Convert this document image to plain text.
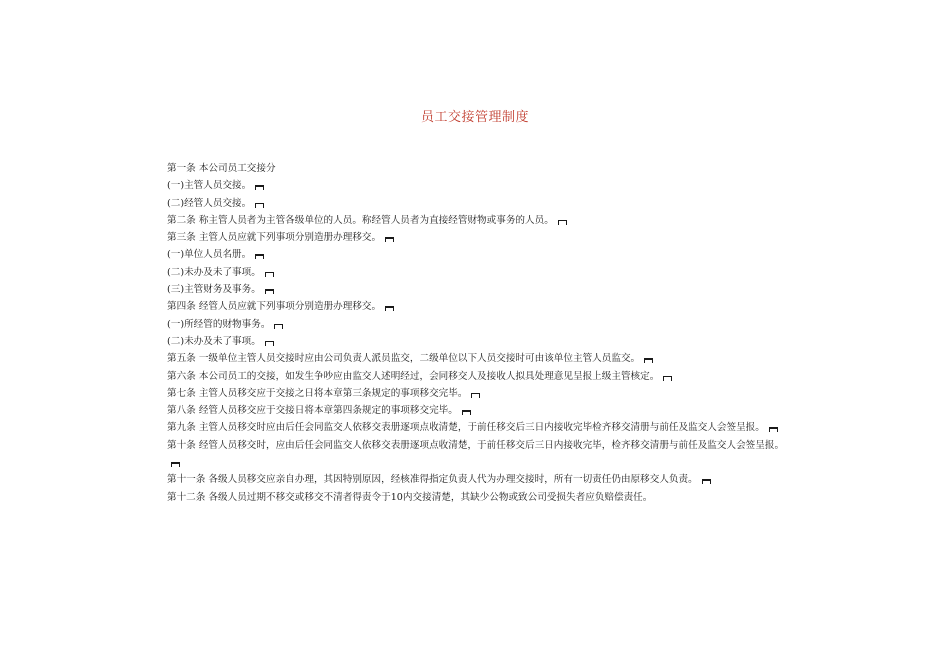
员工交接管理制度

第一条 本公司员工交接分

(一)主管人员交接。

(二)经管人员交接。

第二条 称主管人员者为主管各级单位的人员。称经管人员者为直接经管财物或事务的人员。

第三条 主管人员应就下列事项分别造册办理移交。

(一)单位人员名册。

(二)未办及未了事项。

(三)主管财务及事务。

第四条 经管人员应就下列事项分别造册办理移交。

(一)所经管的财物事务。

(二)未办及未了事项。

第五条 一级单位主管人员交接时应由公司负责人派员监交，二级单位以下人员交接时可由该单位主管人员监交。

第六条 本公司员工的交接，如发生争吵应由监交人述明经过，会同移交人及接收人拟具处理意见呈报上级主管核定。

第七条 主管人员移交应于交接之日将本章第三条规定的事项移交完毕。

第八条 经管人员移交应于交接日将本章第四条规定的事项移交完毕。

第九条 主管人员移交时应由后任会同监交人依移交表册逐项点收清楚，于前任移交后三日内接收完毕检齐移交清册与前任及监交人会签呈报。

第十条 经管人员移交时，应由后任会同监交人依移交表册逐项点收清楚，于前任移交后三日内接收完毕，检齐移交清册与前任及监交人会签呈报。

第十一条 各级人员移交应亲自办理，其因特别原因，经核准得指定负责人代为办理交接时，所有一切责任仍由原移交人负责。

第十二条 各级人员过期不移交或移交不清者得责令于10内交接清楚，其缺少公物或致公司受损失者应负赔偿责任。
